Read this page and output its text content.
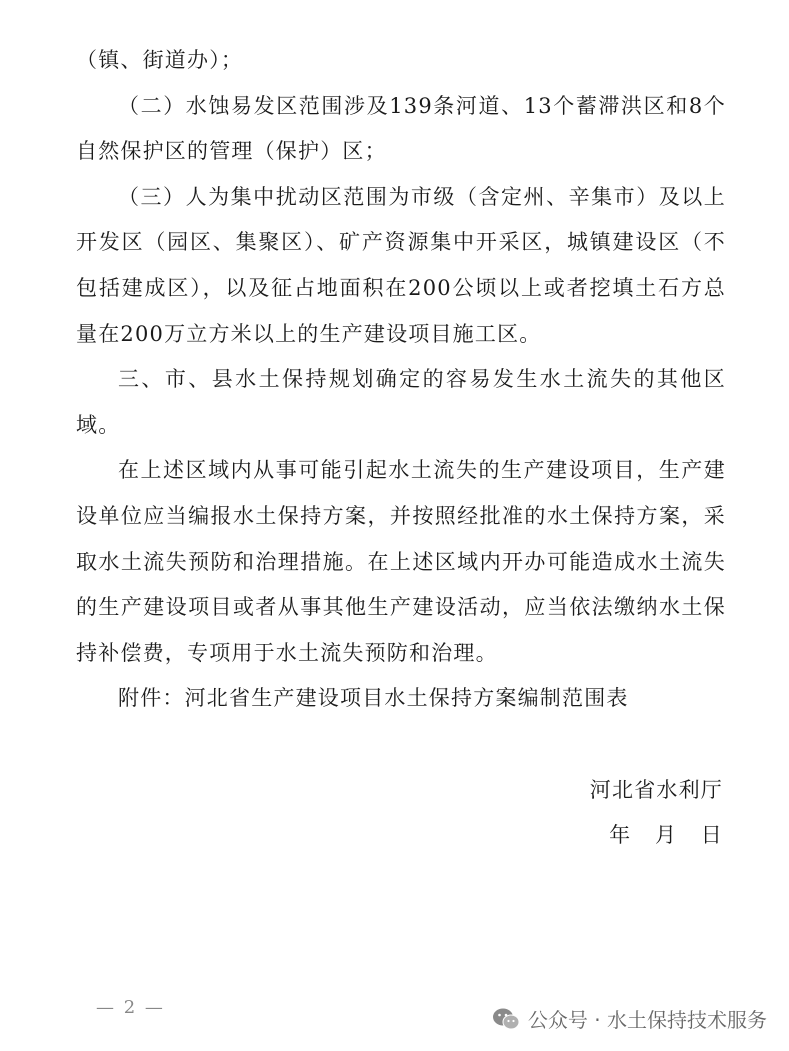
（镇、街道办）；

（二）水蚀易发区范围涉及139条河道、13个蓄滞洪区和8个自然保护区的管理（保护）区；

（三）人为集中扰动区范围为市级（含定州、辛集市）及以上开发区（园区、集聚区）、矿产资源集中开采区，城镇建设区（不包括建成区），以及征占地面积在200公顷以上或者挖填土石方总量在200万立方米以上的生产建设项目施工区。

三、市、县水土保持规划确定的容易发生水土流失的其他区域。

在上述区域内从事可能引起水土流失的生产建设项目，生产建设单位应当编报水土保持方案，并按照经批准的水土保持方案，采取水土流失预防和治理措施。在上述区域内开办可能造成水土流失的生产建设项目或者从事其他生产建设活动，应当依法缴纳水土保持补偿费，专项用于水土流失预防和治理。

附件：河北省生产建设项目水土保持方案编制范围表

河北省水利厅
年   月   日
— 2 —
公众号 · 水土保持技术服务
